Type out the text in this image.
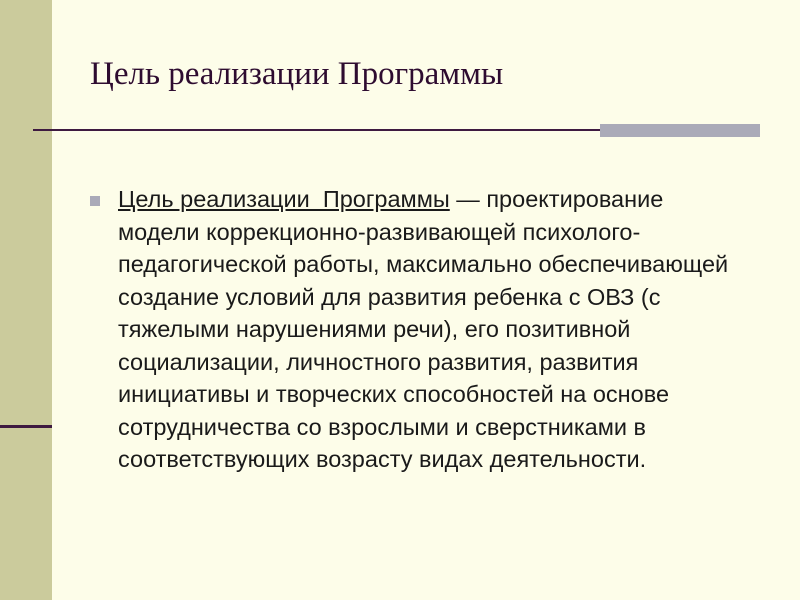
Цель реализации Программы

Цель реализации  Программы — проектирование модели коррекционно-развивающей психолого-педагогической работы, максимально обеспечивающей создание условий для развития ребенка с ОВЗ (с тяжелыми нарушениями речи), его позитивной социализации, личностного развития, развития инициативы и творческих способностей на основе сотрудничества со взрослыми и сверстниками в соответствующих возрасту видах деятельности.
